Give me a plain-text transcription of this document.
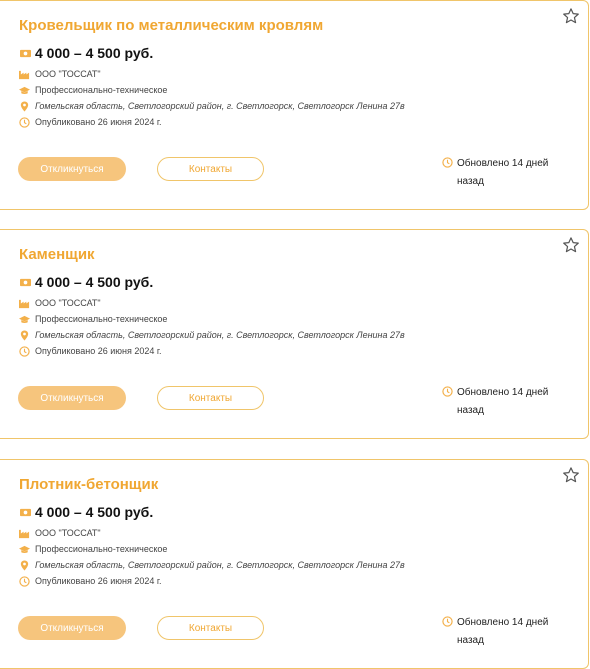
Кровельщик по металлическим кровлям
4 000 – 4 500 руб.
ООО "ТОССАТ"
Профессионально-техническое
Гомельская область, Светлогорский район, г. Светлогорск, Светлогорск Ленина 27в
Опубликовано 26 июня 2024 г.
Откликнуться	Контакты	Обновлено 14 дней назад
Каменщик
4 000 – 4 500 руб.
ООО "ТОССАТ"
Профессионально-техническое
Гомельская область, Светлогорский район, г. Светлогорск, Светлогорск Ленина 27в
Опубликовано 26 июня 2024 г.
Откликнуться	Контакты	Обновлено 14 дней назад
Плотник-бетонщик
4 000 – 4 500 руб.
ООО "ТОССАТ"
Профессионально-техническое
Гомельская область, Светлогорский район, г. Светлогорск, Светлогорск Ленина 27в
Опубликовано 26 июня 2024 г.
Откликнуться	Контакты	Обновлено 14 дней назад
